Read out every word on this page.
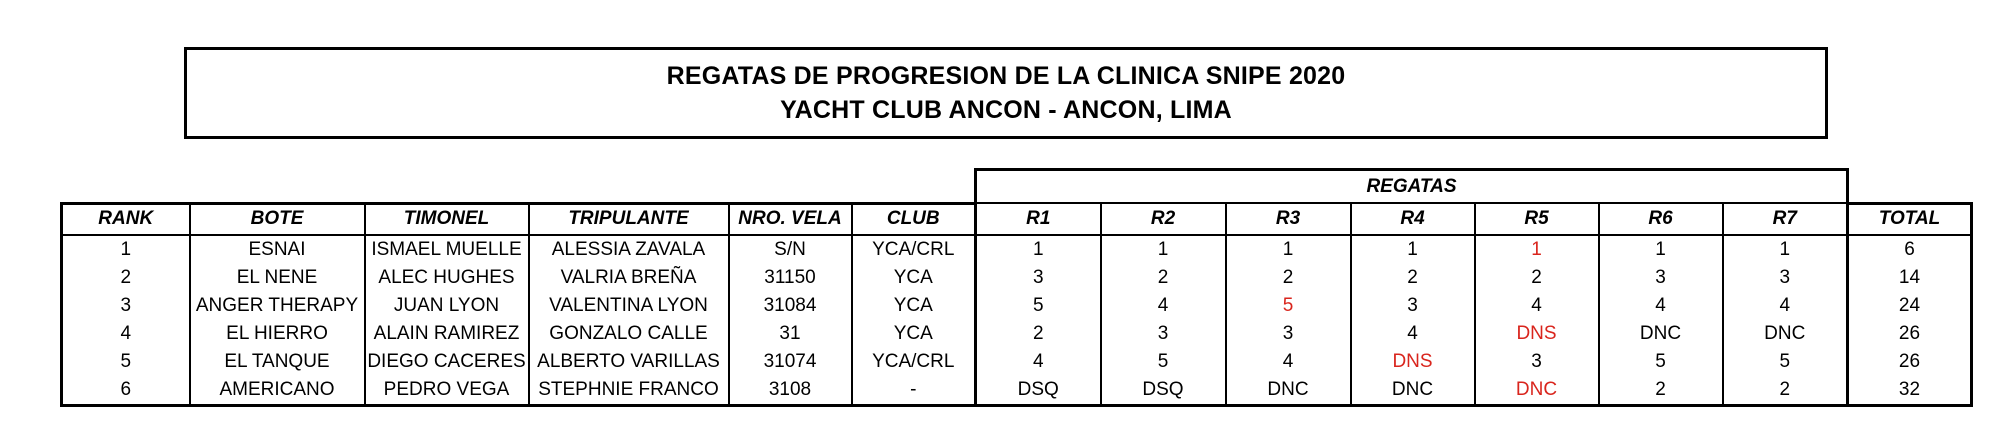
REGATAS DE PROGRESION DE LA CLINICA SNIPE 2020
YACHT CLUB ANCON - ANCON, LIMA
						REGATAS							
RANK	BOTE	TIMONEL	TRIPULANTE	NRO. VELA	CLUB	R1	R2	R3	R4	R5	R6	R7	TOTAL
1	ESNAI	ISMAEL MUELLE	ALESSIA ZAVALA	S/N	YCA/CRL	1	1	1	1	1	1	1	6
2	EL NENE	ALEC HUGHES	VALRIA BREÑA	31150	YCA	3	2	2	2	2	3	3	14
3	ANGER THERAPY	JUAN LYON	VALENTINA LYON	31084	YCA	5	4	5	3	4	4	4	24
4	EL HIERRO	ALAIN RAMIREZ	GONZALO CALLE	31	YCA	2	3	3	4	DNS	DNC	DNC	26
5	EL TANQUE	DIEGO CACERES	ALBERTO VARILLAS	31074	YCA/CRL	4	5	4	DNS	3	5	5	26
6	AMERICANO	PEDRO VEGA	STEPHNIE FRANCO	3108	-	DSQ	DSQ	DNC	DNC	DNC	2	2	32
